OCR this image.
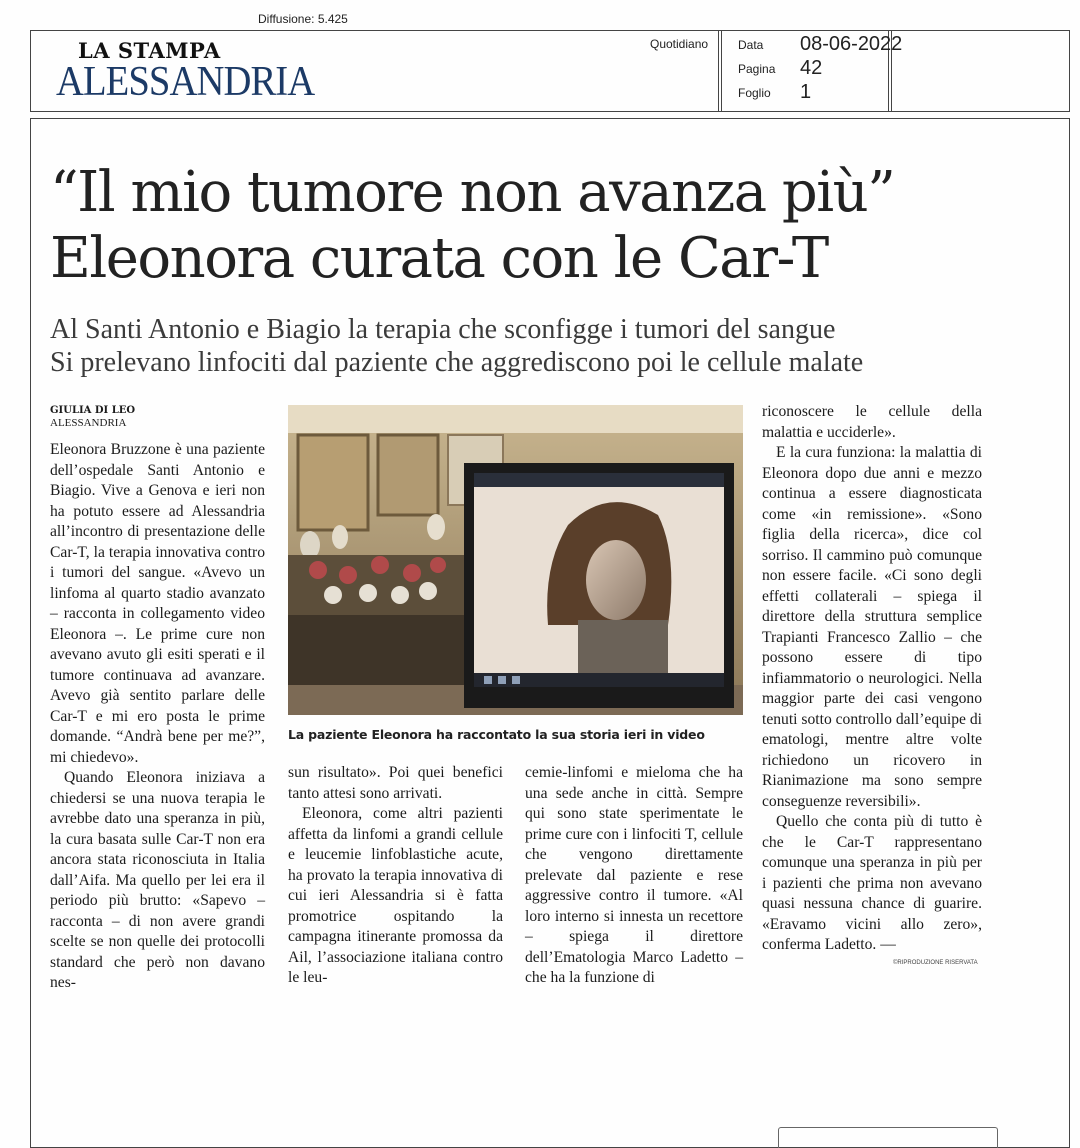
Diffusione: 5.425
LA STAMPA
ALESSANDRIA
Quotidiano Data 08-06-2022
Pagina 42
Foglio 1
“Il mio tumore non avanza più”
Eleonora curata con le Car-T
Al Santi Antonio e Biagio la terapia che sconfigge i tumori del sangue
Si prelevano linfociti dal paziente che aggrediscono poi le cellule malate
GIULIA DI LEO
ALESSANDRIA

Eleonora Bruzzone è una paziente dell’ospedale Santi Antonio e Biagio. Vive a Genova e ieri non ha potuto essere ad Alessandria all’incontro di presentazione delle Car-T, la terapia innovativa contro i tumori del sangue. «Avevo un linfoma al quarto stadio avanzato – racconta in collegamento video Eleonora –. Le prime cure non avevano avuto gli esiti sperati e il tumore continuava ad avanzare. Avevo già sentito parlare delle Car-T e mi ero posta le prime domande. “Andrà bene per me?”, mi chiedevo».

Quando Eleonora iniziava a chiedersi se una nuova terapia le avrebbe dato una speranza in più, la cura basata sulle Car-T non era ancora stata riconosciuta in Italia dall’Aifa. Ma quello per lei era il periodo più brutto: «Sapevo – racconta – di non avere grandi scelte se non quelle dei protocolli standard che però non davano nes-

La paziente Eleonora ha raccontato la sua storia ieri in video

sun risultato». Poi quei benefici tanto attesi sono arrivati.

Eleonora, come altri pazienti affetta da linfomi a grandi cellule e leucemie linfoblastiche acute, ha provato la terapia innovativa di cui ieri Alessandria si è fatta promotrice ospitando la campagna itinerante promossa da Ail, l’associazione italiana contro le leu-

cemie-linfomi e mieloma che ha una sede anche in città. Sempre qui sono state sperimentate le prime cure con i linfociti T, cellule che vengono direttamente prelevate dal paziente e rese aggressive contro il tumore. «Al loro interno si innesta un recettore – spiega il direttore dell’Ematologia Marco Ladetto – che ha la funzione di

riconoscere le cellule della malattia e ucciderle».

E la cura funziona: la malattia di Eleonora dopo due anni e mezzo continua a essere diagnosticata come «in remissione». «Sono figlia della ricerca», dice col sorriso. Il cammino può comunque non essere facile. «Ci sono degli effetti collaterali – spiega il direttore della struttura semplice Trapianti Francesco Zallio – che possono essere di tipo infiammatorio o neurologici. Nella maggior parte dei casi vengono tenuti sotto controllo dall’equipe di ematologi, mentre altre volte richiedono un ricovero in Rianimazione ma sono sempre conseguenze reversibili».

Quello che conta più di tutto è che le Car-T rappresentano comunque una speranza in più per i pazienti che prima non avevano quasi nessuna chance di guarire. «Eravamo vicini allo zero», conferma Ladetto. —

©RIPRODUZIONE RISERVATA
